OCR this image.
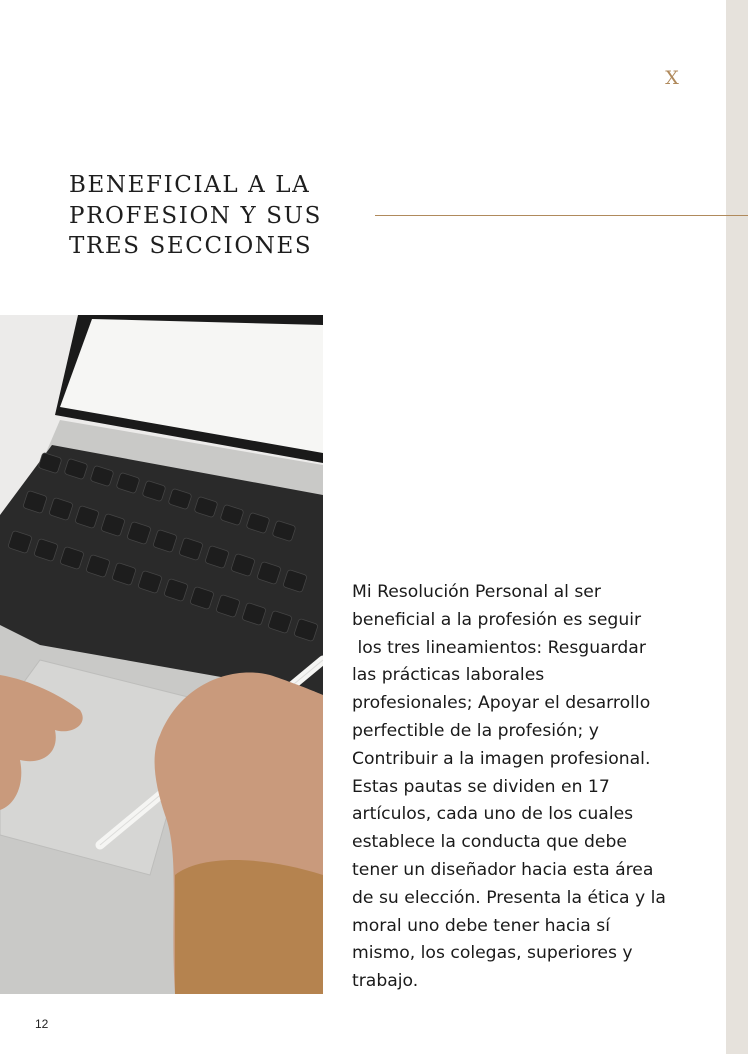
X
BENEFICIAL A LA
PROFESION Y SUS
TRES SECCIONES
Mi Resolución Personal al ser
beneficial a la profesión es seguir
los tres lineamientos: Resguardar
las prácticas laborales
profesionales; Apoyar el desarrollo
perfectible de la profesión; y
Contribuir a la imagen profesional.
Estas pautas se dividen en 17
artículos, cada uno de los cuales
establece la conducta que debe
tener un diseñador hacia esta área
de su elección. Presenta la ética y la
moral uno debe tener hacia sí
mismo, los colegas, superiores y
trabajo.
12
